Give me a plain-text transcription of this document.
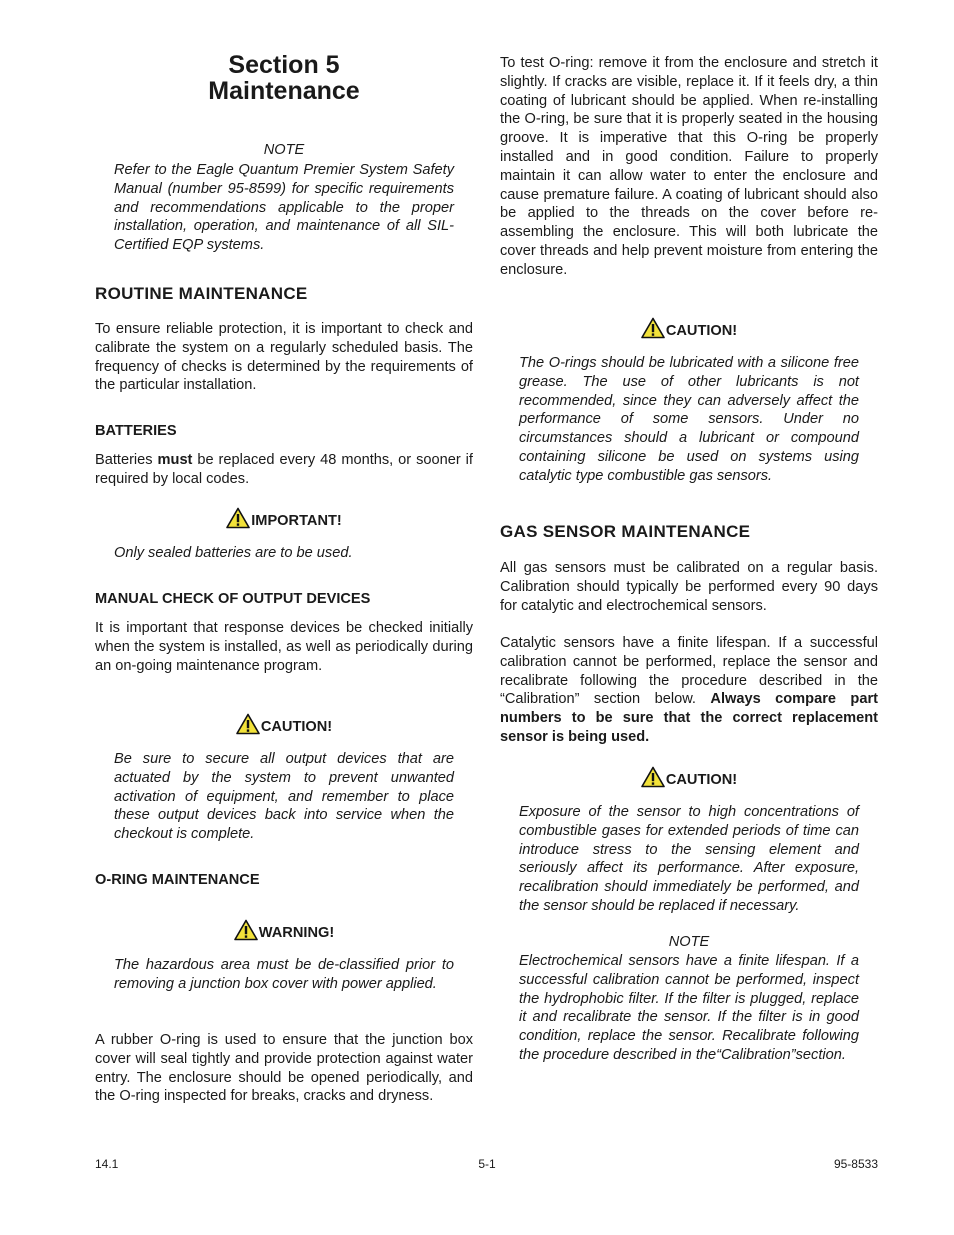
Section 5
Maintenance

NOTE

Refer to the Eagle Quantum Premier System Safety Manual (number 95-8599) for specific requirements and recommendations applicable to the proper installation, operation, and maintenance of all SIL-Certified EQP systems.

ROUTINE MAINTENANCE

To ensure reliable protection, it is important to check and calibrate the system on a regularly scheduled basis. The frequency of checks is determined by the requirements of the particular installation.

BATTERIES

Batteries must be replaced every 48 months, or sooner if required by local codes.

IMPORTANT!

Only sealed batteries are to be used.

MANUAL CHECK OF OUTPUT DEVICES

It is important that response devices be checked initially when the system is installed, as well as periodically during an on-going maintenance program.

CAUTION!

Be sure to secure all output devices that are actuated by the system to prevent unwanted activation of equipment, and remember to place these output devices back into service when the checkout is complete.

O-RING MAINTENANCE
WARNING!

The hazardous area must be de-classified prior to removing a junction box cover with power applied.

A rubber O-ring is used to ensure that the junction box cover will seal tightly and provide protection against water entry. The enclosure should be opened periodically, and the O-ring inspected for breaks, cracks and dryness.

To test O-ring: remove it from the enclosure and stretch it slightly. If cracks are visible, replace it. If it feels dry, a thin coating of lubricant should be applied. When re-installing the O-ring, be sure that it is properly seated in the housing groove. It is imperative that this O-ring be properly installed and in good condition. Failure to properly maintain it can allow water to enter the enclosure and cause premature failure. A coating of lubricant should also be applied to the threads on the cover before re-assembling the enclosure. This will both lubricate the cover threads and help prevent moisture from entering the enclosure.

CAUTION!

The O-rings should be lubricated with a silicone free grease. The use of other lubricants is not recommended, since they can adversely affect the performance of some sensors. Under no circumstances should a lubricant or compound containing silicone be used on systems using catalytic type combustible gas sensors.

GAS SENSOR MAINTENANCE

All gas sensors must be calibrated on a regular basis. Calibration should typically be performed every 90 days for catalytic and electrochemical sensors.

Catalytic sensors have a finite lifespan. If a successful calibration cannot be performed, replace the sensor and recalibrate following the procedure described in the “Calibration” section below. Always compare part numbers to be sure that the correct replacement sensor is being used.

CAUTION!

Exposure of the sensor to high concentrations of combustible gases for extended periods of time can introduce stress to the sensing element and seriously affect its performance. After exposure, recalibration should immediately be performed, and the sensor should be replaced if necessary.

NOTE

Electrochemical sensors have a finite lifespan. If a successful calibration cannot be performed, inspect the hydrophobic filter. If the filter is plugged, replace it and recalibrate the sensor. If the filter is in good condition, replace the sensor. Recalibrate following the procedure described in the“Calibration”section.

14.1	5-1	95-8533
